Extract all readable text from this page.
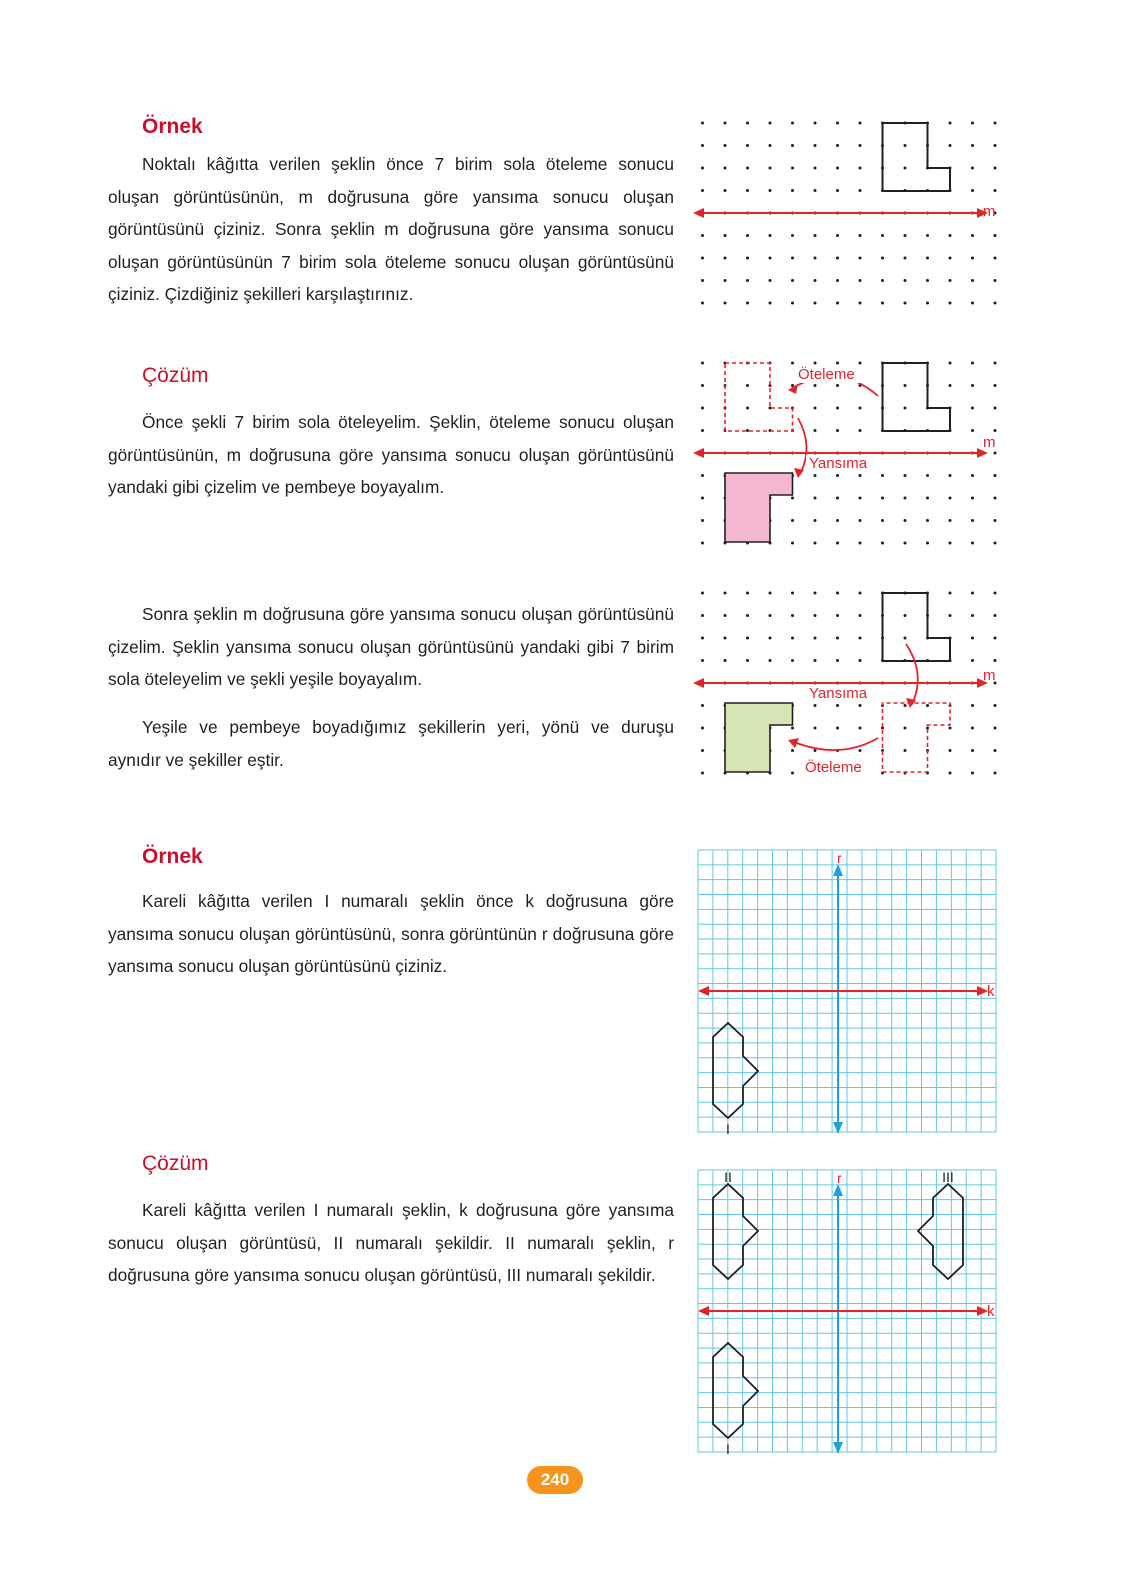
Örnek

Noktalı kâğıtta verilen şeklin önce 7 birim sola öteleme sonucu oluşan görüntüsünün, m doğrusuna göre yansıma sonucu oluşan görüntüsünü çiziniz. Sonra şeklin m doğrusuna göre yansıma sonucu oluşan görüntüsünün 7 birim sola öteleme sonucu oluşan görüntüsünü çiziniz. Çizdiğiniz şekilleri karşılaştırınız.

Çözüm

Önce şekli 7 birim sola öteleyelim. Şeklin, öteleme sonucu oluşan görüntüsünün, m doğrusuna göre yansıma sonucu oluşan görüntüsünü yandaki gibi çizelim ve pembeye boyayalım.

Sonra şeklin m doğrusuna göre yansıma sonucu oluşan görüntüsünü çizelim. Şeklin yansıma sonucu oluşan görüntüsünü yandaki gibi 7 birim sola öteleyelim ve şekli yeşile boyayalım.

Yeşile ve pembeye boyadığımız şekillerin yeri, yönü ve duruşu aynıdır ve şekiller eştir.

Örnek

Kareli kâğıtta verilen I numaralı şeklin önce k doğrusuna göre yansıma sonucu oluşan görüntüsünü, sonra görüntünün r doğrusuna göre yansıma sonucu oluşan görüntüsünü çiziniz.

Çözüm

Kareli kâğıtta verilen I numaralı şeklin, k doğrusuna göre yansıma sonucu oluşan görüntüsü, II numaralı şekildir. II numaralı şeklin, r doğrusuna göre yansıma sonucu oluşan görüntüsü, III numaralı şekildir.

m
m
Öteleme
Yansıma
m
Yansıma
Öteleme
r
k
I
r
k
I
II	III
240
